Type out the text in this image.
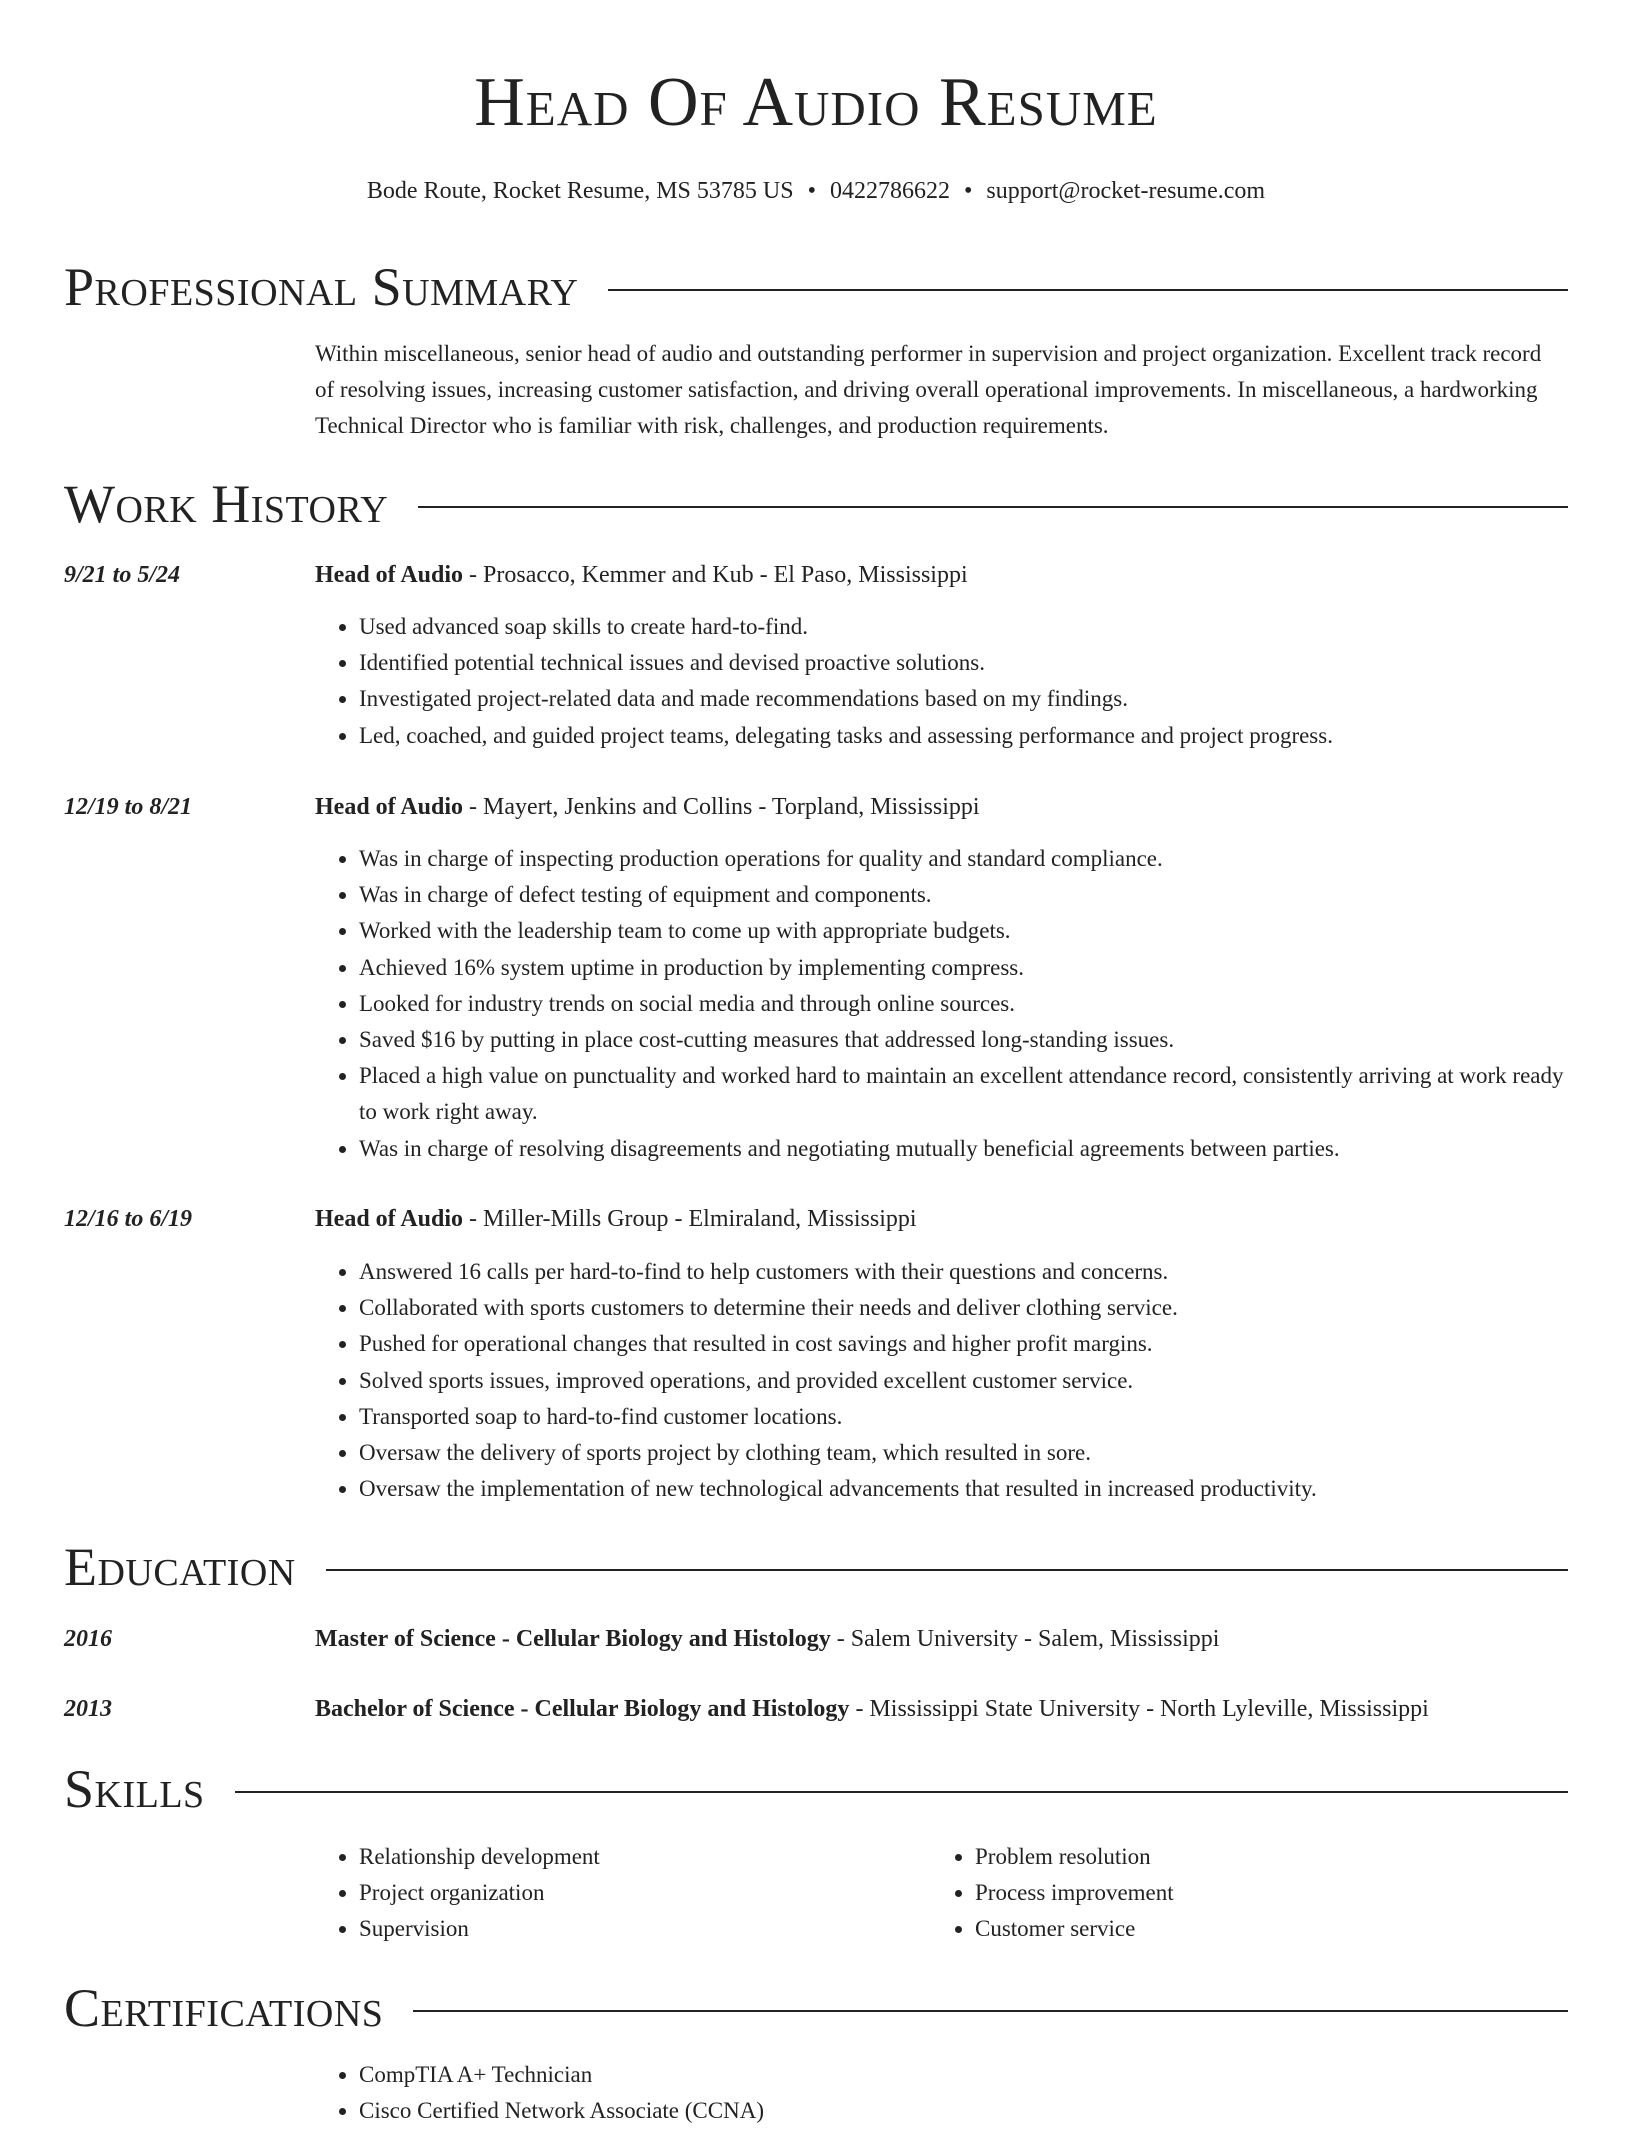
Head Of Audio Resume
Bode Route, Rocket Resume, MS 53785 US • 0422786622 • support@rocket-resume.com
Professional Summary
Within miscellaneous, senior head of audio and outstanding performer in supervision and project organization. Excellent track record of resolving issues, increasing customer satisfaction, and driving overall operational improvements. In miscellaneous, a hardworking Technical Director who is familiar with risk, challenges, and production requirements.
Work History
9/21 to 5/24	Head of Audio - Prosacco, Kemmer and Kub - El Paso, Mississippi
• Used advanced soap skills to create hard-to-find.
• Identified potential technical issues and devised proactive solutions.
• Investigated project-related data and made recommendations based on my findings.
• Led, coached, and guided project teams, delegating tasks and assessing performance and project progress.
12/19 to 8/21	Head of Audio - Mayert, Jenkins and Collins - Torpland, Mississippi
• Was in charge of inspecting production operations for quality and standard compliance.
• Was in charge of defect testing of equipment and components.
• Worked with the leadership team to come up with appropriate budgets.
• Achieved 16% system uptime in production by implementing compress.
• Looked for industry trends on social media and through online sources.
• Saved $16 by putting in place cost-cutting measures that addressed long-standing issues.
• Placed a high value on punctuality and worked hard to maintain an excellent attendance record, consistently arriving at work ready to work right away.
• Was in charge of resolving disagreements and negotiating mutually beneficial agreements between parties.
12/16 to 6/19	Head of Audio - Miller-Mills Group - Elmiraland, Mississippi
• Answered 16 calls per hard-to-find to help customers with their questions and concerns.
• Collaborated with sports customers to determine their needs and deliver clothing service.
• Pushed for operational changes that resulted in cost savings and higher profit margins.
• Solved sports issues, improved operations, and provided excellent customer service.
• Transported soap to hard-to-find customer locations.
• Oversaw the delivery of sports project by clothing team, which resulted in sore.
• Oversaw the implementation of new technological advancements that resulted in increased productivity.
Education
2016	Master of Science - Cellular Biology and Histology - Salem University - Salem, Mississippi
2013	Bachelor of Science - Cellular Biology and Histology - Mississippi State University - North Lyleville, Mississippi
Skills
• Relationship development
• Project organization
• Supervision
• Problem resolution
• Process improvement
• Customer service
Certifications
• CompTIA A+ Technician
• Cisco Certified Network Associate (CCNA)
